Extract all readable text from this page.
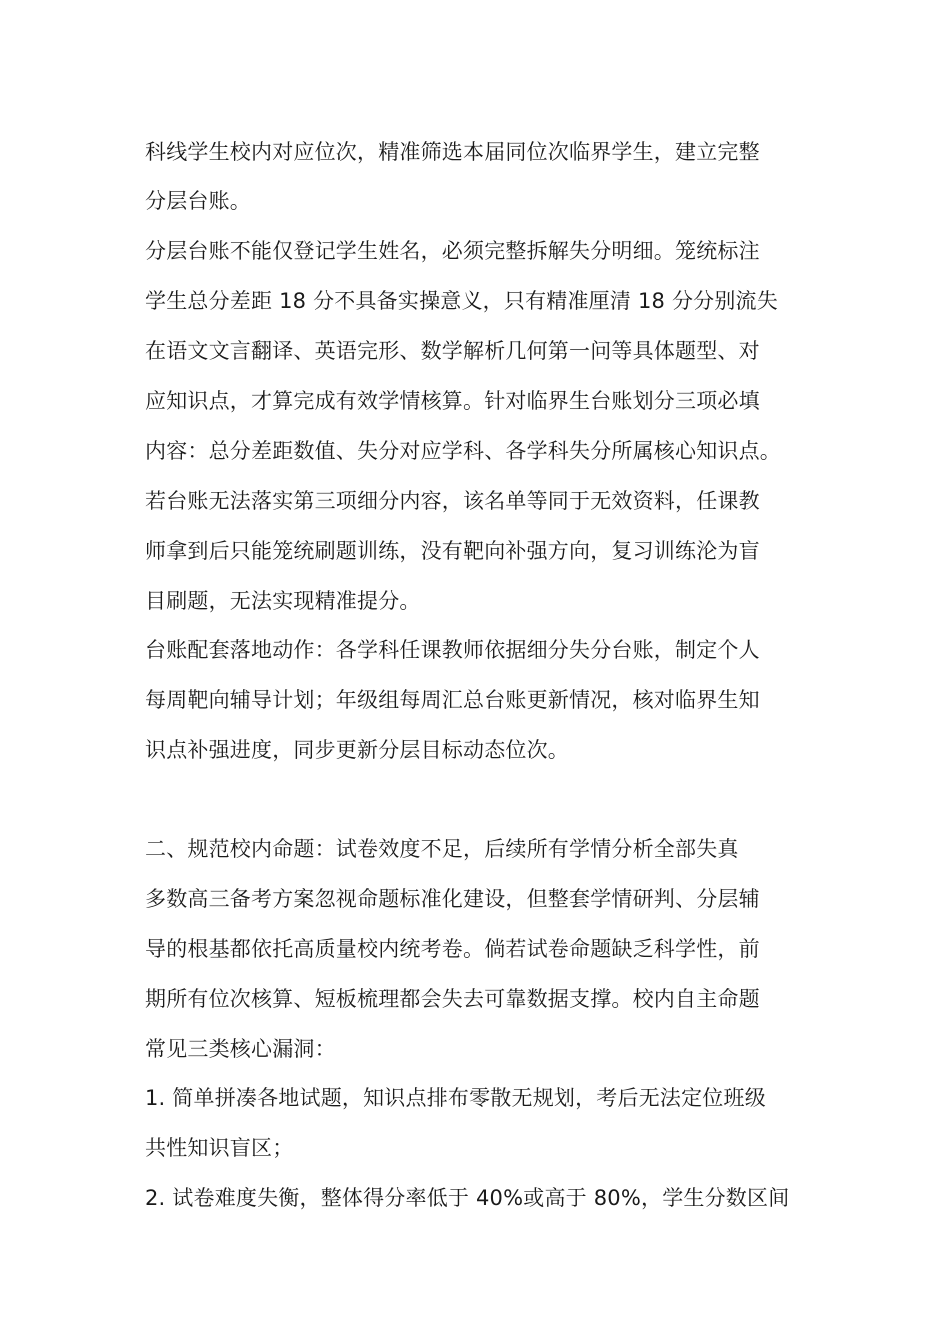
科线学生校内对应位次，精准筛选本届同位次临界学生，建立完整
分层台账。
分层台账不能仅登记学生姓名，必须完整拆解失分明细。笼统标注
学生总分差距 18 分不具备实操意义，只有精准厘清 18 分分别流失
在语文文言翻译、英语完形、数学解析几何第一问等具体题型、对
应知识点，才算完成有效学情核算。针对临界生台账划分三项必填
内容：总分差距数值、失分对应学科、各学科失分所属核心知识点。
若台账无法落实第三项细分内容，该名单等同于无效资料，任课教
师拿到后只能笼统刷题训练，没有靶向补强方向，复习训练沦为盲
目刷题，无法实现精准提分。
台账配套落地动作：各学科任课教师依据细分失分台账，制定个人
每周靶向辅导计划；年级组每周汇总台账更新情况，核对临界生知
识点补强进度，同步更新分层目标动态位次。
二、规范校内命题：试卷效度不足，后续所有学情分析全部失真
多数高三备考方案忽视命题标准化建设，但整套学情研判、分层辅
导的根基都依托高质量校内统考卷。倘若试卷命题缺乏科学性，前
期所有位次核算、短板梳理都会失去可靠数据支撑。校内自主命题
常见三类核心漏洞：
1. 简单拼凑各地试题，知识点排布零散无规划，考后无法定位班级
共性知识盲区；
2. 试卷难度失衡，整体得分率低于 40%或高于 80%，学生分数区间
